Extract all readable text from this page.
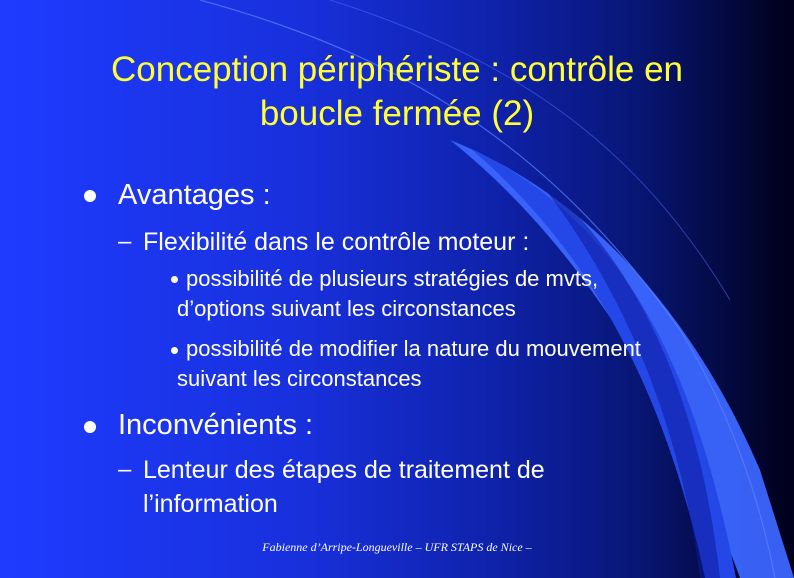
Conception périphériste : contrôle en
boucle fermée (2)

Avantages :

– Flexibilité dans le contrôle moteur :

possibilité de plusieurs stratégies de mvts,

d’options suivant les circonstances

possibilité de modifier la nature du mouvement

suivant les circonstances

Inconvénients :

– Lenteur des étapes de traitement de

l’information

Fabienne d’Arripe-Longueville – UFR STAPS de Nice –
